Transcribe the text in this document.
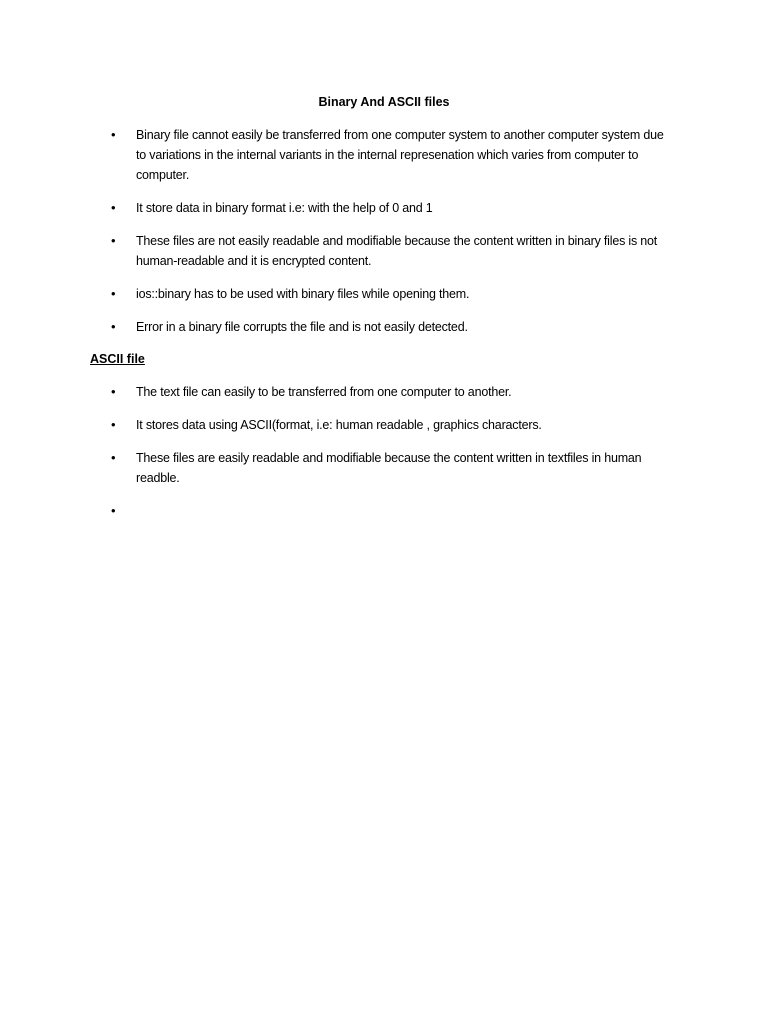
Binary And ASCII files
• Binary file cannot easily be transferred from one computer system to another computer system due to variations in the internal variants in the internal represenation which varies from computer to computer.
• It store data in binary format i.e: with the help of 0 and 1
• These files are not easily readable and modifiable because the content written in binary files is not human-readable and it is encrypted content.
• ios::binary has to be used with binary files while opening them.
• Error in a binary file corrupts the file and is not easily detected.
ASCII file
• The text file can easily to be transferred from one computer to another.
• It stores data using ASCII(format, i.e: human readable , graphics characters.
• These files are easily readable and modifiable because the content written in textfiles in human readble.
•
